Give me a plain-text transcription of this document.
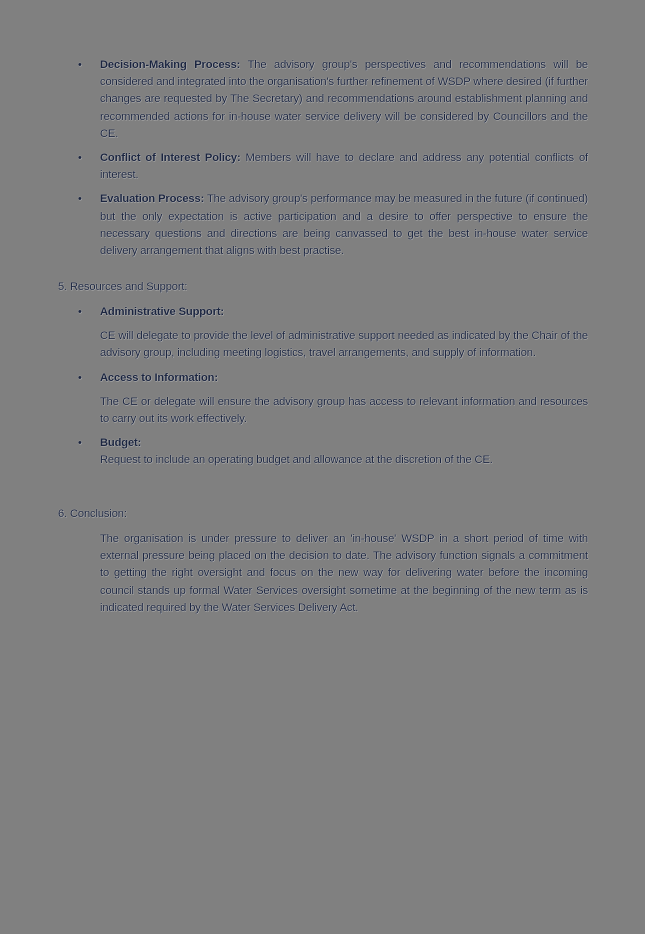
• Decision-Making Process: The advisory group's perspectives and recommendations will be considered and integrated into the organisation's further refinement of WSDP where desired (if further changes are requested by The Secretary) and recommendations around establishment planning and recommended actions for in-house water service delivery will be considered by Councillors and the CE.
• Conflict of Interest Policy: Members will have to declare and address any potential conflicts of interest.
• Evaluation Process: The advisory group's performance may be measured in the future (if continued) but the only expectation is active participation and a desire to offer perspective to ensure the necessary questions and directions are being canvassed to get the best in-house water service delivery arrangement that aligns with best practise.
5. Resources and Support:
• Administrative Support:
CE will delegate to provide the level of administrative support needed as indicated by the Chair of the advisory group, including meeting logistics, travel arrangements, and supply of information.
• Access to Information:
The CE or delegate will ensure the advisory group has access to relevant information and resources to carry out its work effectively.
• Budget:
Request to include an operating budget and allowance at the discretion of the CE.
6. Conclusion:
The organisation is under pressure to deliver an 'in-house' WSDP in a short period of time with external pressure being placed on the decision to date. The advisory function signals a commitment to getting the right oversight and focus on the new way for delivering water before the incoming council stands up formal Water Services oversight sometime at the beginning of the new term as is indicated required by the Water Services Delivery Act.
